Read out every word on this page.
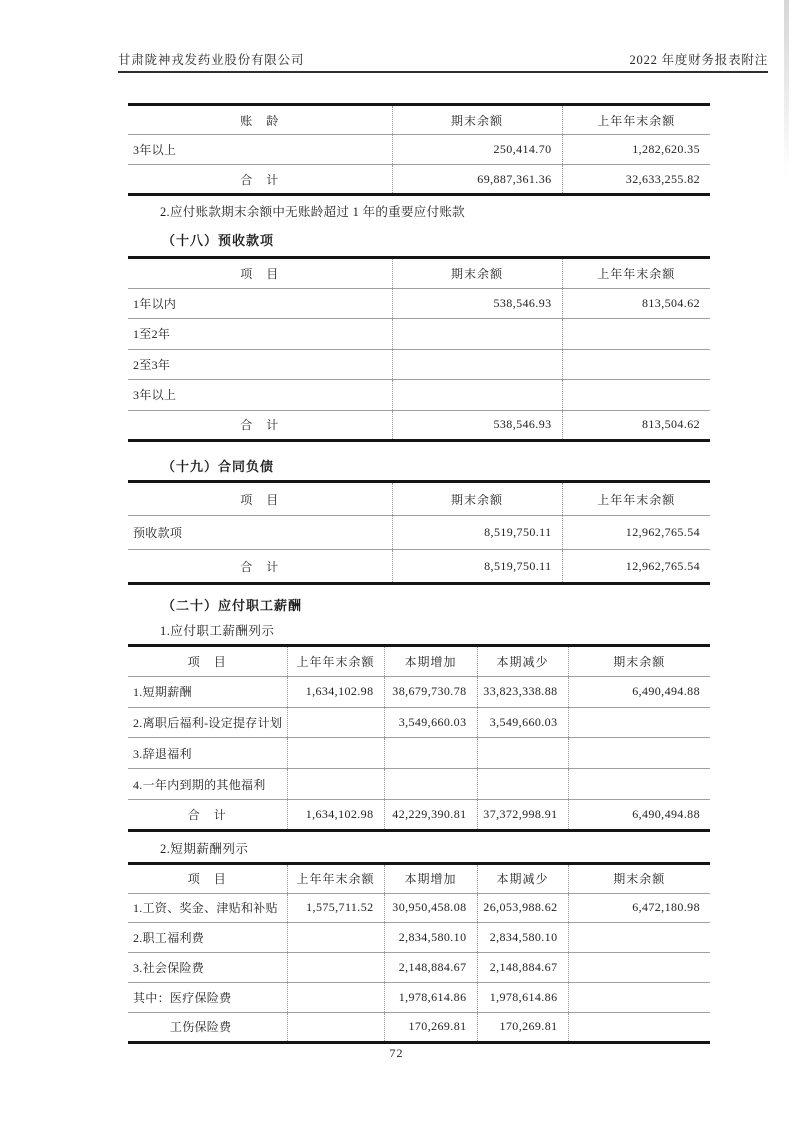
甘肃陇神戎发药业股份有限公司	2022 年度财务报表附注
账　龄	期末余额	上年年末余额
3年以上	250,414.70	1,282,620.35
合　计	69,887,361.36	32,633,255.82
2.应付账款期末余额中无账龄超过 1 年的重要应付账款
（十八）预收款项
项　目	期末余额	上年年末余额
1年以内	538,546.93	813,504.62
1至2年		
2至3年		
3年以上		
合　计	538,546.93	813,504.62
（十九）合同负债
项　目	期末余额	上年年末余额
预收款项	8,519,750.11	12,962,765.54
合　计	8,519,750.11	12,962,765.54
（二十）应付职工薪酬
1.应付职工薪酬列示
项　目	上年年末余额	本期增加	本期减少	期末余额
1.短期薪酬	1,634,102.98	38,679,730.78	33,823,338.88	6,490,494.88
2.离职后福利-设定提存计划		3,549,660.03	3,549,660.03	
3.辞退福利				
4.一年内到期的其他福利				
合　计	1,634,102.98	42,229,390.81	37,372,998.91	6,490,494.88
2.短期薪酬列示
项　目	上年年末余额	本期增加	本期减少	期末余额
1.工资、奖金、津贴和补贴	1,575,711.52	30,950,458.08	26,053,988.62	6,472,180.98
2.职工福利费		2,834,580.10	2,834,580.10	
3.社会保险费		2,148,884.67	2,148,884.67	
其中：医疗保险费		1,978,614.86	1,978,614.86	
　　　工伤保险费		170,269.81	170,269.81	
72
